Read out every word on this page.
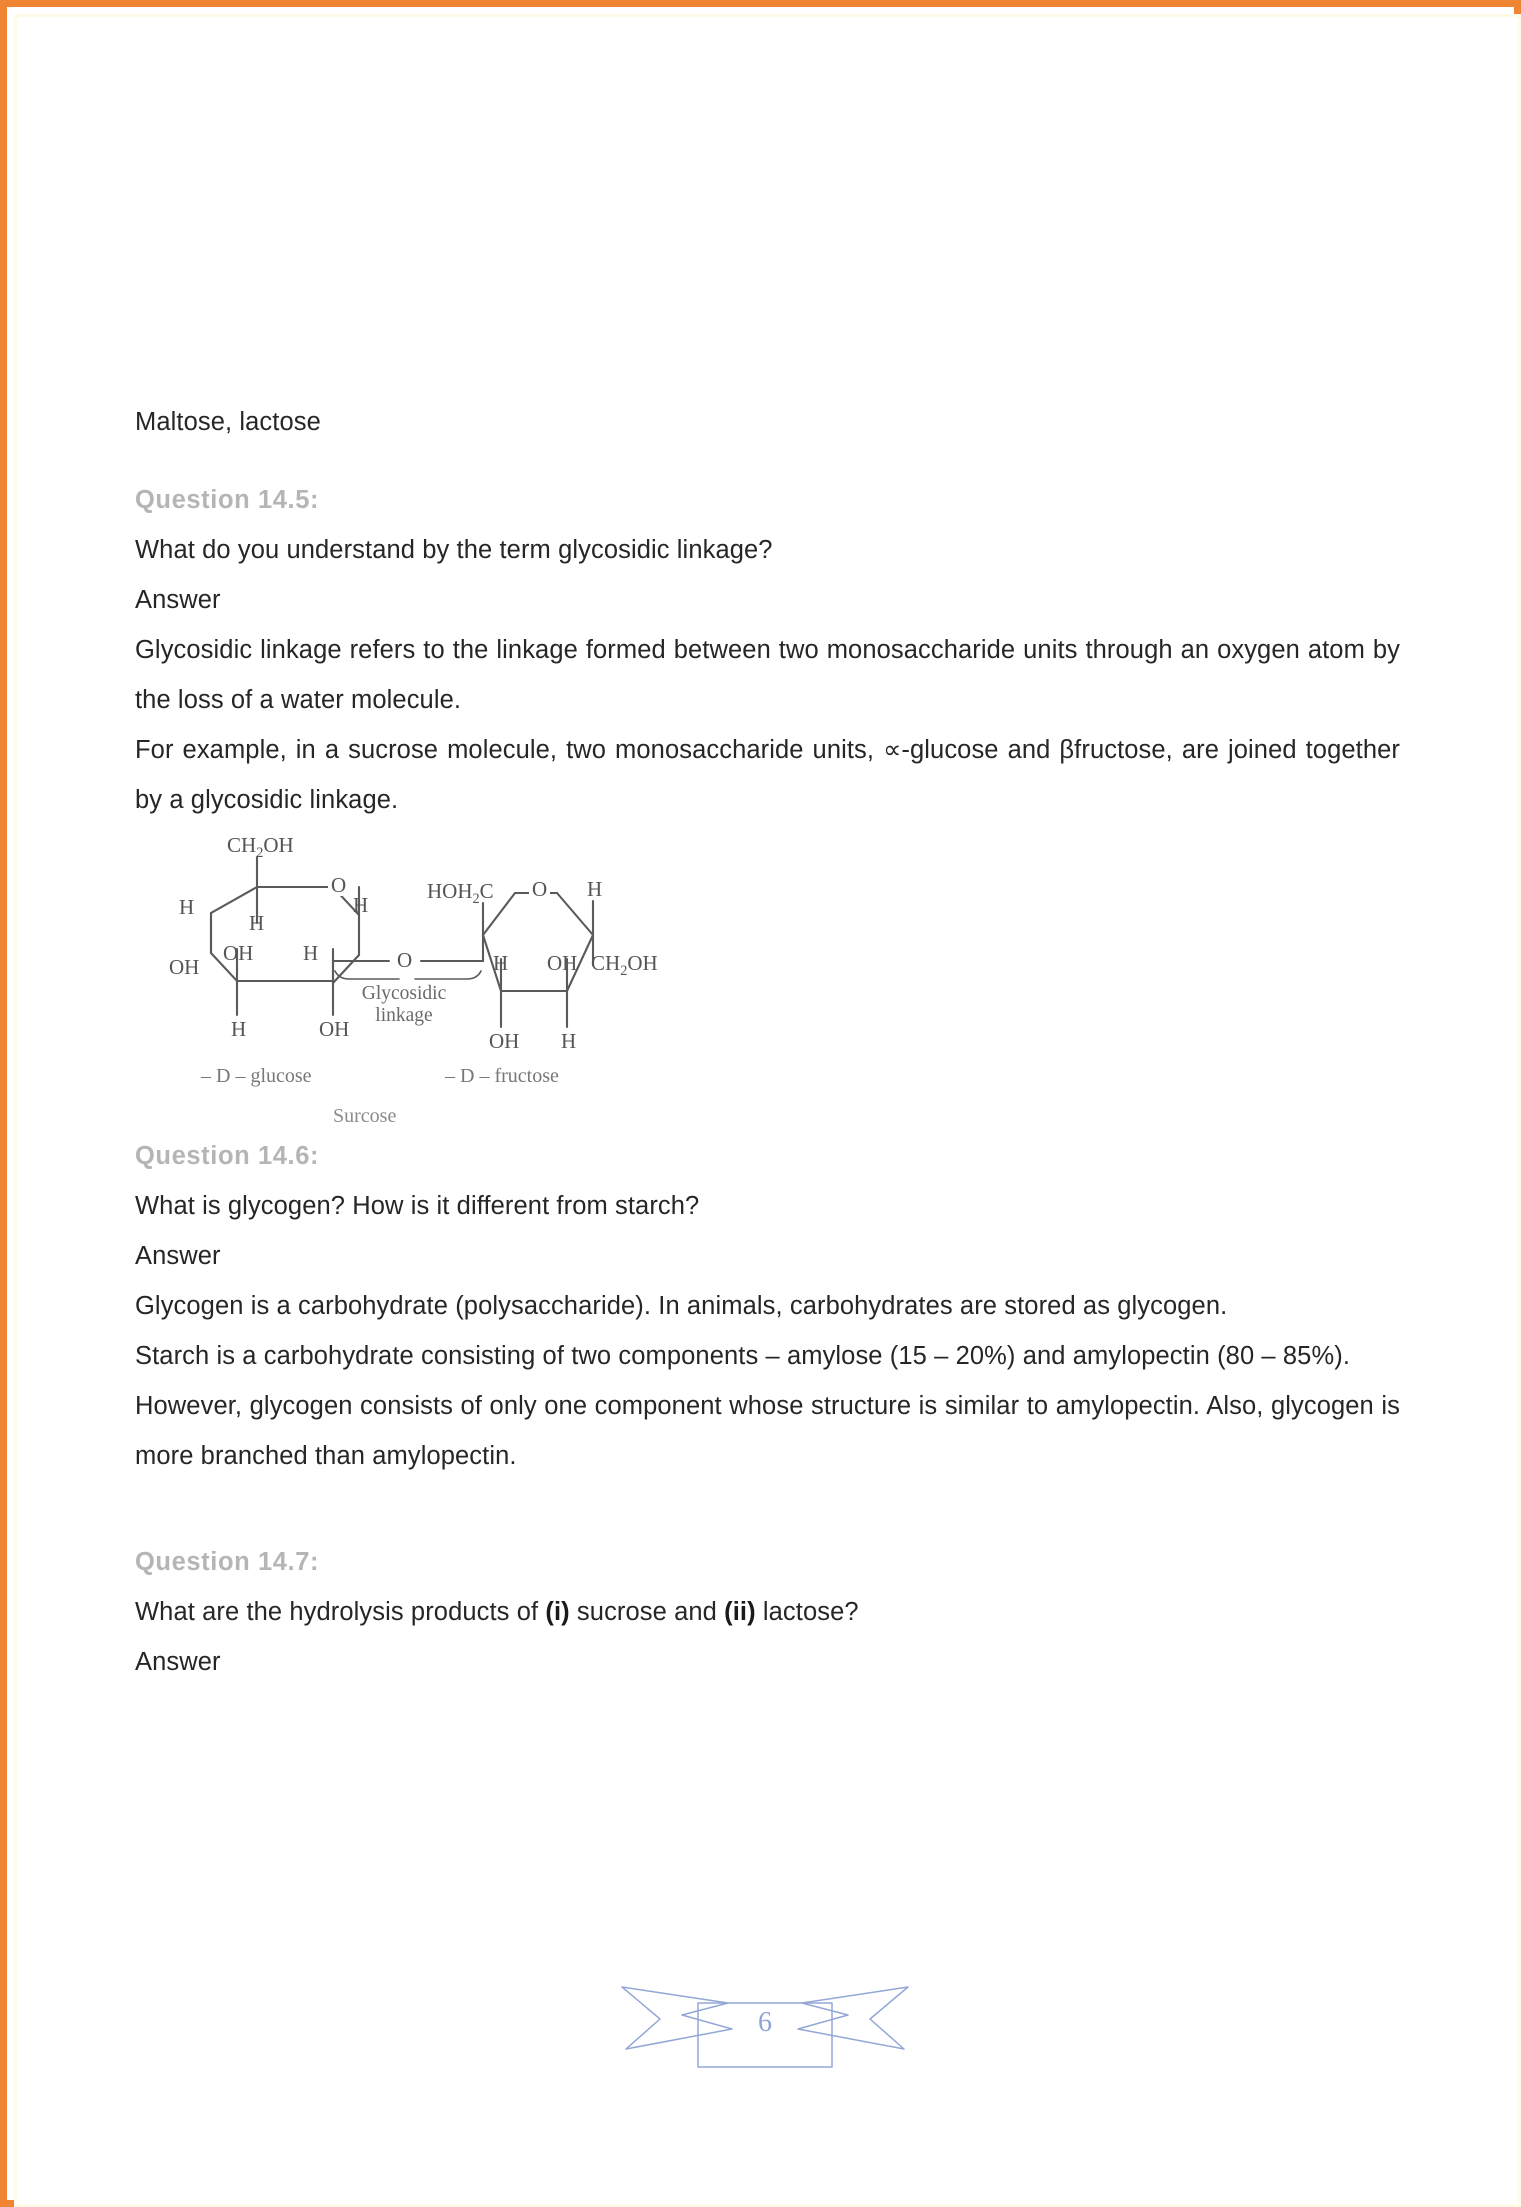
Maltose, lactose

Question 14.5:

What do you understand by the term glycosidic linkage?

Answer

Glycosidic linkage refers to the linkage formed between two monosaccharide units through an oxygen atom by the loss of a water molecule.

For example, in a sucrose molecule, two monosaccharide units, ∝-glucose and βfructose, are joined together by a glycosidic linkage.

$CH_2OH$
O
H
H
OH
OH
H	OH
H
H
O
Glycosidic
linkage
$HOH_2C$ O H
H
OH
OH $CH_2OH$
H
– D – glucose	– D – fructose
Surcose

Question 14.6:

What is glycogen? How is it different from starch?

Answer

Glycogen is a carbohydrate (polysaccharide). In animals, carbohydrates are stored as glycogen.

Starch is a carbohydrate consisting of two components – amylose (15 – 20%) and amylopectin (80 – 85%).

However, glycogen consists of only one component whose structure is similar to amylopectin. Also, glycogen is more branched than amylopectin.

Question 14.7:

What are the hydrolysis products of (i) sucrose and (ii) lactose?

Answer

6
